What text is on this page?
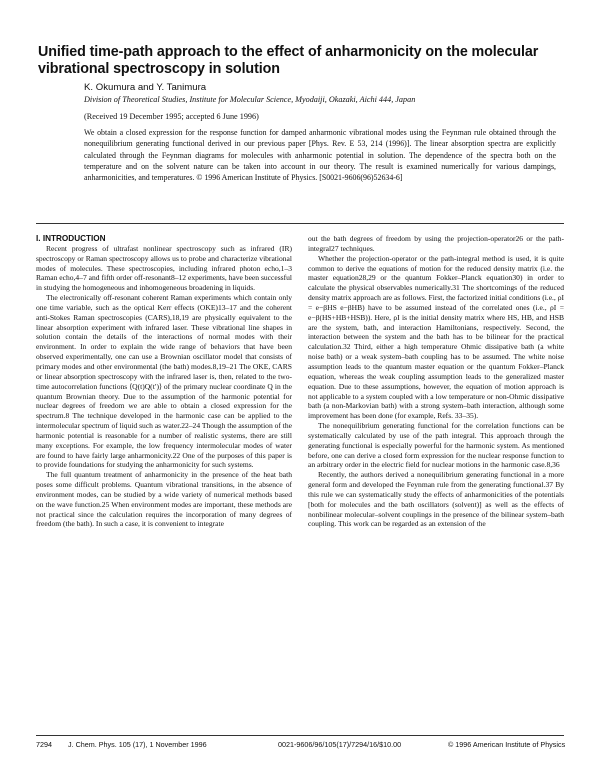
Unified time-path approach to the effect of anharmonicity on the molecular vibrational spectroscopy in solution
K. Okumura and Y. Tanimura
Division of Theoretical Studies, Institute for Molecular Science, Myodaiji, Okazaki, Aichi 444, Japan
(Received 19 December 1995; accepted 6 June 1996)
We obtain a closed expression for the response function for damped anharmonic vibrational modes using the Feynman rule obtained through the nonequilibrium generating functional derived in our previous paper [Phys. Rev. E 53, 214 (1996)]. The linear absorption spectra are explicitly calculated through the Feynman diagrams for molecules with anharmonic potential in solution. The dependence of the spectra both on the temperature and on the solvent nature can be taken into account in our theory. The result is examined numerically for various dampings, anharmonicities, and temperatures. © 1996 American Institute of Physics. [S0021-9606(96)52634-6]

I. INTRODUCTION

Recent progress of ultrafast nonlinear spectroscopy such as infrared (IR) spectroscopy or Raman spectroscopy allows us to probe and characterize vibrational modes of molecules. These spectroscopies, including infrared photon echo,1–3 Raman echo,4–7 and fifth order off-resonant8–12 experiments, have been successful in studying the homogeneous and inhomogeneous broadening in liquids.

The electronically off-resonant coherent Raman experiments which contain only one time variable, such as the optical Kerr effects (OKE)13–17 and the coherent anti-Stokes Raman spectroscopies (CARS),18,19 are physically equivalent to the linear absorption experiment with infrared laser. These vibrational line shapes in solution contain the details of the interactions of normal modes with their environment. In order to explain the wide range of behaviors that have been observed experimentally, one can use a Brownian oscillator model that consists of primary modes and other environmental (the bath) modes.8,19–21 The OKE, CARS or linear absorption spectroscopy with the infrared laser is, then, related to the two-time autocorrelation functions ⟨Q(t)Q(t′)⟩ of the primary nuclear coordinate Q in the quantum Brownian theory. Due to the assumption of the harmonic potential for nuclear degrees of freedom we are able to obtain a closed expression for the spectrum.8 The technique developed in the harmonic case can be applied to the intermolecular spectrum of liquid such as water.22–24 Though the assumption of the harmonic potential is reasonable for a number of realistic systems, there are still many exceptions. For example, the low frequency intermolecular modes of water are found to have fairly large anharmonicity.22 One of the purposes of this paper is to provide foundations for studying the anharmonicity for such systems.

The full quantum treatment of anharmonicity in the presence of the heat bath poses some difficult problems. Quantum vibrational transitions, in the absence of environment modes, can be studied by a wide variety of numerical methods based on the wave function.25 When environment modes are important, these methods are not practical since the calculation requires the incorporation of many degrees of freedom (the bath). In such a case, it is convenient to integrate

out the bath degrees of freedom by using the projection-operator26 or the path-integral27 techniques.

Whether the projection-operator or the path-integral method is used, it is quite common to derive the equations of motion for the reduced density matrix (i.e. the master equation28,29 or the quantum Fokker–Planck equation30) in order to calculate the physical observables numerically.31 The shortcomings of the reduced density matrix approach are as follows. First, the factorized initial conditions (i.e., ρI = e−βHS e−βHB) have to be assumed instead of the correlated ones (i.e., ρI = e−β(HS+HB+HSB)). Here, ρI is the initial density matrix where HS, HB, and HSB are the system, bath, and interaction Hamiltonians, respectively. Second, the interaction between the system and the bath has to be bilinear for the practical calculation.32 Third, either a high temperature Ohmic dissipative bath (a white noise bath) or a weak system–bath coupling has to be assumed. The white noise assumption leads to the quantum master equation or the quantum Fokker–Planck equation, whereas the weak coupling assumption leads to the generalized master equation. Due to these assumptions, however, the equation of motion approach is not applicable to a system coupled with a low temperature or non-Ohmic dissipative bath (a non-Markovian bath) with a strong system–bath interaction, although some improvement has been done (for example, Refs. 33–35).

The nonequilibrium generating functional for the correlation functions can be systematically calculated by use of the path integral. This approach through the generating functional is especially powerful for the harmonic system. As mentioned before, one can derive a closed form expression for the nuclear response function to an arbitrary order in the electric field for nuclear motions in the harmonic case.8,36

Recently, the authors derived a nonequilibrium generating functional in a more general form and developed the Feynman rule from the generating functional.37 By this rule we can systematically study the effects of anharmonicities of the potentials [both for molecules and the bath oscillators (solvent)] as well as the effects of nonbilinear molecular–solvent couplings in the presence of the bilinear system–bath coupling. This work can be regarded as an extension of the

7294	J. Chem. Phys. 105 (17), 1 November 1996	0021-9606/96/105(17)/7294/16/$10.00	© 1996 American Institute of Physics
